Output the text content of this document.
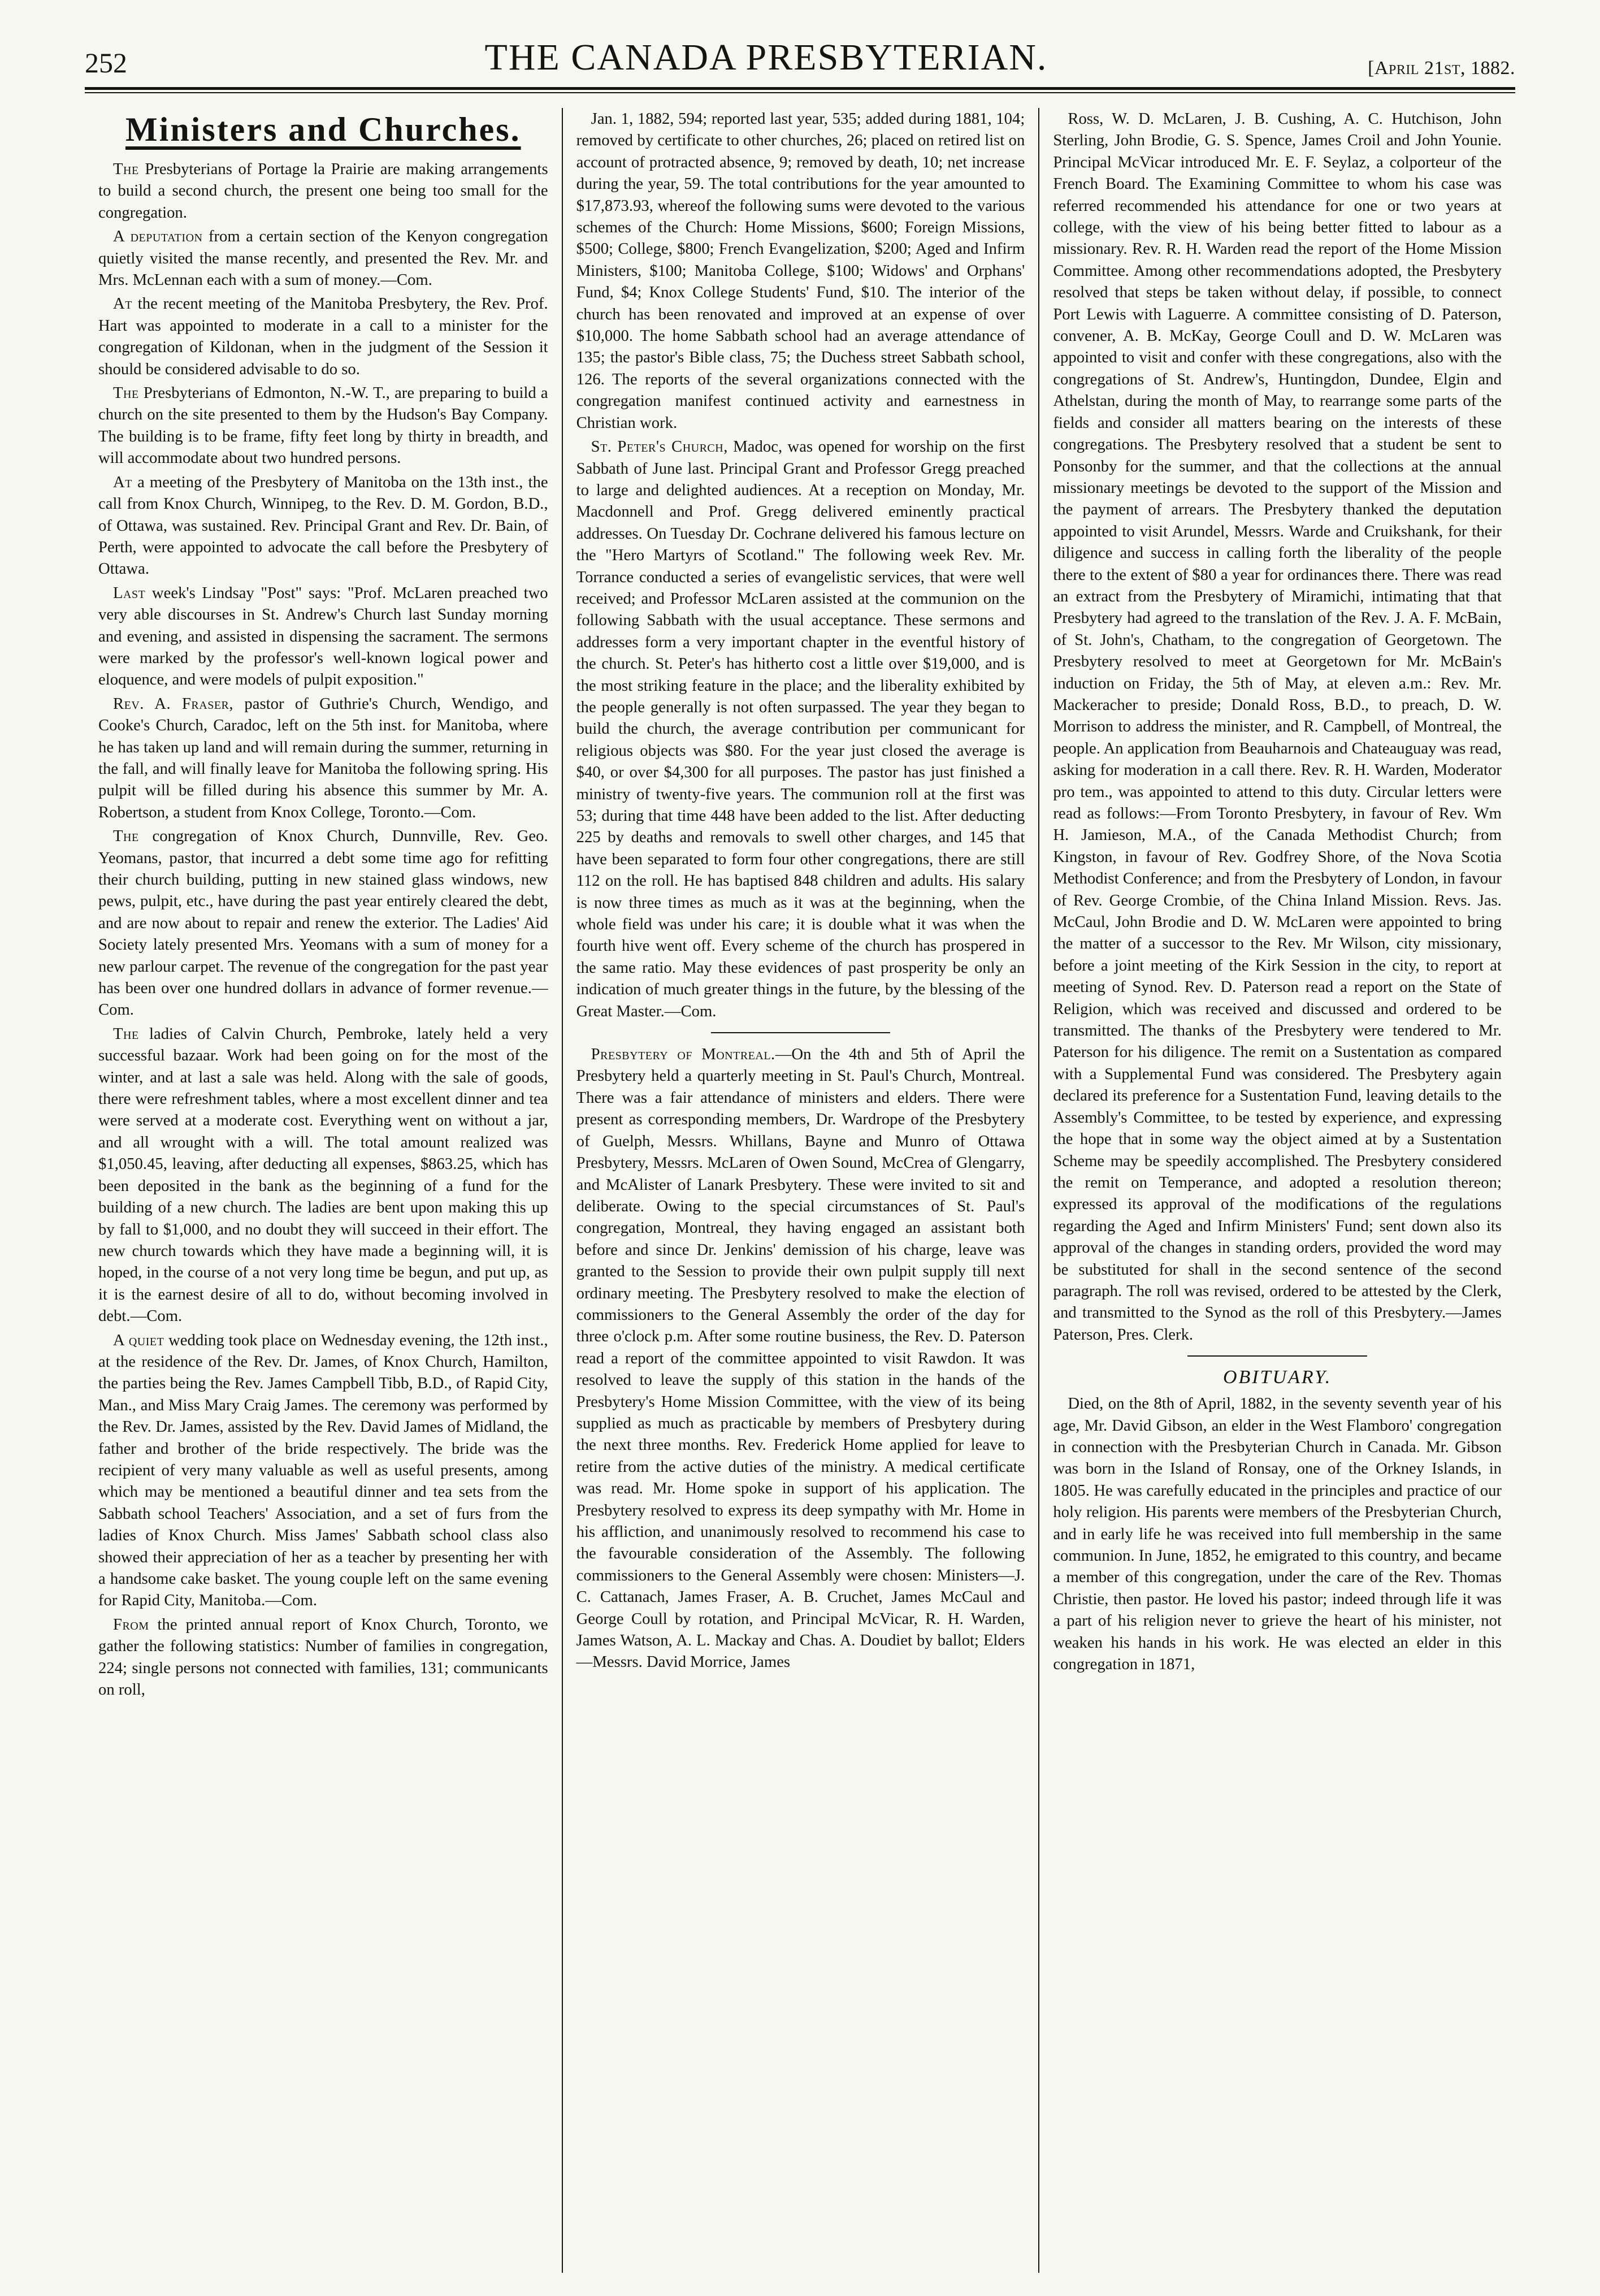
252	THE CANADA PRESBYTERIAN.	[April 21st, 1882.
Ministers and Churches.

The Presbyterians of Portage la Prairie are making arrangements to build a second church, the present one being too small for the congregation.

A deputation from a certain section of the Kenyon congregation quietly visited the manse recently, and presented the Rev. Mr. and Mrs. McLennan each with a sum of money.—Com.

At the recent meeting of the Manitoba Presbytery, the Rev. Prof. Hart was appointed to moderate in a call to a minister for the congregation of Kildonan, when in the judgment of the Session it should be considered advisable to do so.

The Presbyterians of Edmonton, N.-W. T., are preparing to build a church on the site presented to them by the Hudson's Bay Company. The building is to be frame, fifty feet long by thirty in breadth, and will accommodate about two hundred persons.

At a meeting of the Presbytery of Manitoba on the 13th inst., the call from Knox Church, Winnipeg, to the Rev. D. M. Gordon, B.D., of Ottawa, was sustained. Rev. Principal Grant and Rev. Dr. Bain, of Perth, were appointed to advocate the call before the Presbytery of Ottawa.

Last week's Lindsay "Post" says: "Prof. McLaren preached two very able discourses in St. Andrew's Church last Sunday morning and evening, and assisted in dispensing the sacrament. The sermons were marked by the professor's well-known logical power and eloquence, and were models of pulpit exposition."

Rev. A. Fraser, pastor of Guthrie's Church, Wendigo, and Cooke's Church, Caradoc, left on the 5th inst. for Manitoba, where he has taken up land and will remain during the summer, returning in the fall, and will finally leave for Manitoba the following spring. His pulpit will be filled during his absence this summer by Mr. A. Robertson, a student from Knox College, Toronto.—Com.

The congregation of Knox Church, Dunnville, Rev. Geo. Yeomans, pastor, that incurred a debt some time ago for refitting their church building, putting in new stained glass windows, new pews, pulpit, etc., have during the past year entirely cleared the debt, and are now about to repair and renew the exterior. The Ladies' Aid Society lately presented Mrs. Yeomans with a sum of money for a new parlour carpet. The revenue of the congregation for the past year has been over one hundred dollars in advance of former revenue.—Com.

The ladies of Calvin Church, Pembroke, lately held a very successful bazaar. Work had been going on for the most of the winter, and at last a sale was held. Along with the sale of goods, there were refreshment tables, where a most excellent dinner and tea were served at a moderate cost. Everything went on without a jar, and all wrought with a will. The total amount realized was $1,050.45, leaving, after deducting all expenses, $863.25, which has been deposited in the bank as the beginning of a fund for the building of a new church. The ladies are bent upon making this up by fall to $1,000, and no doubt they will succeed in their effort. The new church towards which they have made a beginning will, it is hoped, in the course of a not very long time be begun, and put up, as it is the earnest desire of all to do, without becoming involved in debt.—Com.

A quiet wedding took place on Wednesday evening, the 12th inst., at the residence of the Rev. Dr. James, of Knox Church, Hamilton, the parties being the Rev. James Campbell Tibb, B.D., of Rapid City, Man., and Miss Mary Craig James. The ceremony was performed by the Rev. Dr. James, assisted by the Rev. David James of Midland, the father and brother of the bride respectively. The bride was the recipient of very many valuable as well as useful presents, among which may be mentioned a beautiful dinner and tea sets from the Sabbath school Teachers' Association, and a set of furs from the ladies of Knox Church. Miss James' Sabbath school class also showed their appreciation of her as a teacher by presenting her with a handsome cake basket. The young couple left on the same evening for Rapid City, Manitoba.—Com.

From the printed annual report of Knox Church, Toronto, we gather the following statistics: Number of families in congregation, 224; single persons not connected with families, 131; communicants on roll,

Jan. 1, 1882, 594; reported last year, 535; added during 1881, 104; removed by certificate to other churches, 26; placed on retired list on account of protracted absence, 9; removed by death, 10; net increase during the year, 59. The total contributions for the year amounted to $17,873.93, whereof the following sums were devoted to the various schemes of the Church: Home Missions, $600; Foreign Missions, $500; College, $800; French Evangelization, $200; Aged and Infirm Ministers, $100; Manitoba College, $100; Widows' and Orphans' Fund, $4; Knox College Students' Fund, $10. The interior of the church has been renovated and improved at an expense of over $10,000. The home Sabbath school had an average attendance of 135; the pastor's Bible class, 75; the Duchess street Sabbath school, 126. The reports of the several organizations connected with the congregation manifest continued activity and earnestness in Christian work.

St. Peter's Church, Madoc, was opened for worship on the first Sabbath of June last. Principal Grant and Professor Gregg preached to large and delighted audiences. At a reception on Monday, Mr. Macdonnell and Prof. Gregg delivered eminently practical addresses. On Tuesday Dr. Cochrane delivered his famous lecture on the "Hero Martyrs of Scotland." The following week Rev. Mr. Torrance conducted a series of evangelistic services, that were well received; and Professor McLaren assisted at the communion on the following Sabbath with the usual acceptance. These sermons and addresses form a very important chapter in the eventful history of the church. St. Peter's has hitherto cost a little over $19,000, and is the most striking feature in the place; and the liberality exhibited by the people generally is not often surpassed. The year they began to build the church, the average contribution per communicant for religious objects was $80. For the year just closed the average is $40, or over $4,300 for all purposes. The pastor has just finished a ministry of twenty-five years. The communion roll at the first was 53; during that time 448 have been added to the list. After deducting 225 by deaths and removals to swell other charges, and 145 that have been separated to form four other congregations, there are still 112 on the roll. He has baptised 848 children and adults. His salary is now three times as much as it was at the beginning, when the whole field was under his care; it is double what it was when the fourth hive went off. Every scheme of the church has prospered in the same ratio. May these evidences of past prosperity be only an indication of much greater things in the future, by the blessing of the Great Master.—Com.

Presbytery of Montreal.—On the 4th and 5th of April the Presbytery held a quarterly meeting in St. Paul's Church, Montreal. There was a fair attendance of ministers and elders. There were present as corresponding members, Dr. Wardrope of the Presbytery of Guelph, Messrs. Whillans, Bayne and Munro of Ottawa Presbytery, Messrs. McLaren of Owen Sound, McCrea of Glengarry, and McAlister of Lanark Presbytery. These were invited to sit and deliberate. Owing to the special circumstances of St. Paul's congregation, Montreal, they having engaged an assistant both before and since Dr. Jenkins' demission of his charge, leave was granted to the Session to provide their own pulpit supply till next ordinary meeting. The Presbytery resolved to make the election of commissioners to the General Assembly the order of the day for three o'clock p.m. After some routine business, the Rev. D. Paterson read a report of the committee appointed to visit Rawdon. It was resolved to leave the supply of this station in the hands of the Presbytery's Home Mission Committee, with the view of its being supplied as much as practicable by members of Presbytery during the next three months. Rev. Frederick Home applied for leave to retire from the active duties of the ministry. A medical certificate was read. Mr. Home spoke in support of his application. The Presbytery resolved to express its deep sympathy with Mr. Home in his affliction, and unanimously resolved to recommend his case to the favourable consideration of the Assembly. The following commissioners to the General Assembly were chosen: Ministers—J. C. Cattanach, James Fraser, A. B. Cruchet, James McCaul and George Coull by rotation, and Principal McVicar, R. H. Warden, James Watson, A. L. Mackay and Chas. A. Doudiet by ballot; Elders—Messrs. David Morrice, James

Ross, W. D. McLaren, J. B. Cushing, A. C. Hutchison, John Sterling, John Brodie, G. S. Spence, James Croil and John Younie. Principal McVicar introduced Mr. E. F. Seylaz, a colporteur of the French Board. The Examining Committee to whom his case was referred recommended his attendance for one or two years at college, with the view of his being better fitted to labour as a missionary. Rev. R. H. Warden read the report of the Home Mission Committee. Among other recommendations adopted, the Presbytery resolved that steps be taken without delay, if possible, to connect Port Lewis with Laguerre. A committee consisting of D. Paterson, convener, A. B. McKay, George Coull and D. W. McLaren was appointed to visit and confer with these congregations, also with the congregations of St. Andrew's, Huntingdon, Dundee, Elgin and Athelstan, during the month of May, to rearrange some parts of the fields and consider all matters bearing on the interests of these congregations. The Presbytery resolved that a student be sent to Ponsonby for the summer, and that the collections at the annual missionary meetings be devoted to the support of the Mission and the payment of arrears. The Presbytery thanked the deputation appointed to visit Arundel, Messrs. Warde and Cruikshank, for their diligence and success in calling forth the liberality of the people there to the extent of $80 a year for ordinances there. There was read an extract from the Presbytery of Miramichi, intimating that that Presbytery had agreed to the translation of the Rev. J. A. F. McBain, of St. John's, Chatham, to the congregation of Georgetown. The Presbytery resolved to meet at Georgetown for Mr. McBain's induction on Friday, the 5th of May, at eleven a.m.: Rev. Mr. Mackeracher to preside; Donald Ross, B.D., to preach, D. W. Morrison to address the minister, and R. Campbell, of Montreal, the people. An application from Beauharnois and Chateauguay was read, asking for moderation in a call there. Rev. R. H. Warden, Moderator pro tem., was appointed to attend to this duty. Circular letters were read as follows:—From Toronto Presbytery, in favour of Rev. Wm H. Jamieson, M.A., of the Canada Methodist Church; from Kingston, in favour of Rev. Godfrey Shore, of the Nova Scotia Methodist Conference; and from the Presbytery of London, in favour of Rev. George Crombie, of the China Inland Mission. Revs. Jas. McCaul, John Brodie and D. W. McLaren were appointed to bring the matter of a successor to the Rev. Mr Wilson, city missionary, before a joint meeting of the Kirk Session in the city, to report at meeting of Synod. Rev. D. Paterson read a report on the State of Religion, which was received and discussed and ordered to be transmitted. The thanks of the Presbytery were tendered to Mr. Paterson for his diligence. The remit on a Sustentation as compared with a Supplemental Fund was considered. The Presbytery again declared its preference for a Sustentation Fund, leaving details to the Assembly's Committee, to be tested by experience, and expressing the hope that in some way the object aimed at by a Sustentation Scheme may be speedily accomplished. The Presbytery considered the remit on Temperance, and adopted a resolution thereon; expressed its approval of the modifications of the regulations regarding the Aged and Infirm Ministers' Fund; sent down also its approval of the changes in standing orders, provided the word may be substituted for shall in the second sentence of the second paragraph. The roll was revised, ordered to be attested by the Clerk, and transmitted to the Synod as the roll of this Presbytery.—James Paterson, Pres. Clerk.

OBITUARY.

Died, on the 8th of April, 1882, in the seventy seventh year of his age, Mr. David Gibson, an elder in the West Flamboro' congregation in connection with the Presbyterian Church in Canada. Mr. Gibson was born in the Island of Ronsay, one of the Orkney Islands, in 1805. He was carefully educated in the principles and practice of our holy religion. His parents were members of the Presbyterian Church, and in early life he was received into full membership in the same communion. In June, 1852, he emigrated to this country, and became a member of this congregation, under the care of the Rev. Thomas Christie, then pastor. He loved his pastor; indeed through life it was a part of his religion never to grieve the heart of his minister, not weaken his hands in his work. He was elected an elder in this congregation in 1871,
